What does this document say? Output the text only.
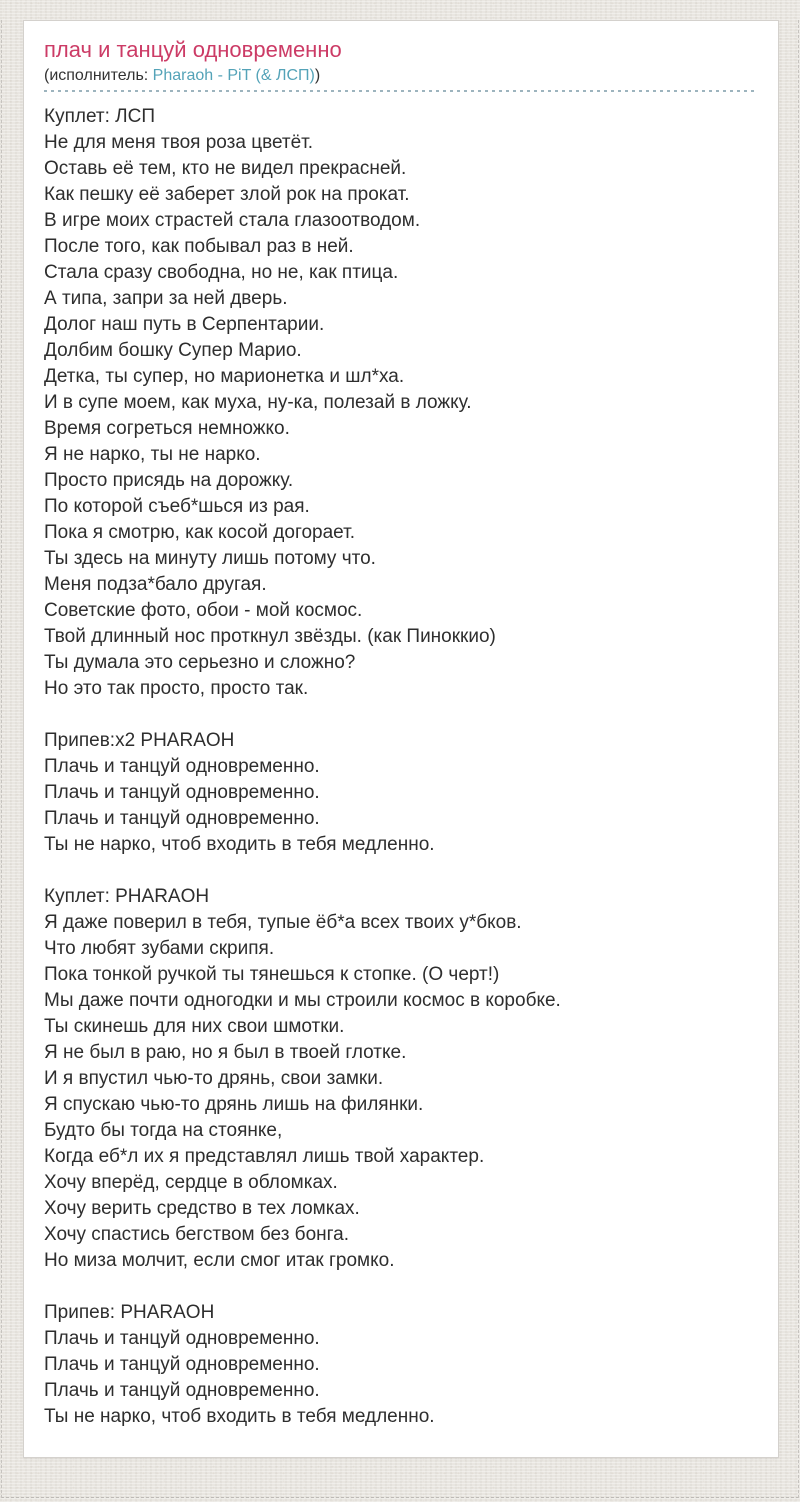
плач и танцуй одновременно
(исполнитель: Pharaoh - PiT (& ЛСП))
Куплет: ЛСП
Не для меня твоя роза цветёт.
Оставь её тем, кто не видел прекрасней.
Как пешку её заберет злой рок на прокат.
В игре моих страстей стала глазоотводом.
После того, как побывал раз в ней.
Стала сразу свободна, но не, как птица.
А типа, запри за ней дверь.
Долог наш путь в Серпентарии.
Долбим бошку Супер Марио.
Детка, ты супер, но марионетка и шл*ха.
И в супе моем, как муха, ну-ка, полезай в ложку.
Время согреться немножко.
Я не нарко, ты не нарко.
Просто присядь на дорожку.
По которой съеб*шься из рая.
Пока я смотрю, как косой догорает.
Ты здесь на минуту лишь потому что.
Меня подза*бало другая.
Советские фото, обои - мой космос.
Твой длинный нос проткнул звёзды. (как Пиноккио)
Ты думала это серьезно и сложно?
Но это так просто, просто так.
Припев:x2 PHARAOH
Плачь и танцуй одновременно.
Плачь и танцуй одновременно.
Плачь и танцуй одновременно.
Ты не нарко, чтоб входить в тебя медленно.
Куплет: PHARAOH
Я даже поверил в тебя, тупые ёб*а всех твоих у*бков.
Что любят зубами скрипя.
Пока тонкой ручкой ты тянешься к стопке. (О черт!)
Мы даже почти одногодки и мы строили космос в коробке.
Ты скинешь для них свои шмотки.
Я не был в раю, но я был в твоей глотке.
И я впустил чью-то дрянь, свои замки.
Я спускаю чью-то дрянь лишь на филянки.
Будто бы тогда на стоянке,
Когда еб*л их я представлял лишь твой характер.
Хочу вперёд, сердце в обломках.
Хочу верить средство в тех ломках.
Хочу спастись бегством без бонга.
Но миза молчит, если смог итак громко.
Припев: PHARAOH
Плачь и танцуй одновременно.
Плачь и танцуй одновременно.
Плачь и танцуй одновременно.
Ты не нарко, чтоб входить в тебя медленно.
